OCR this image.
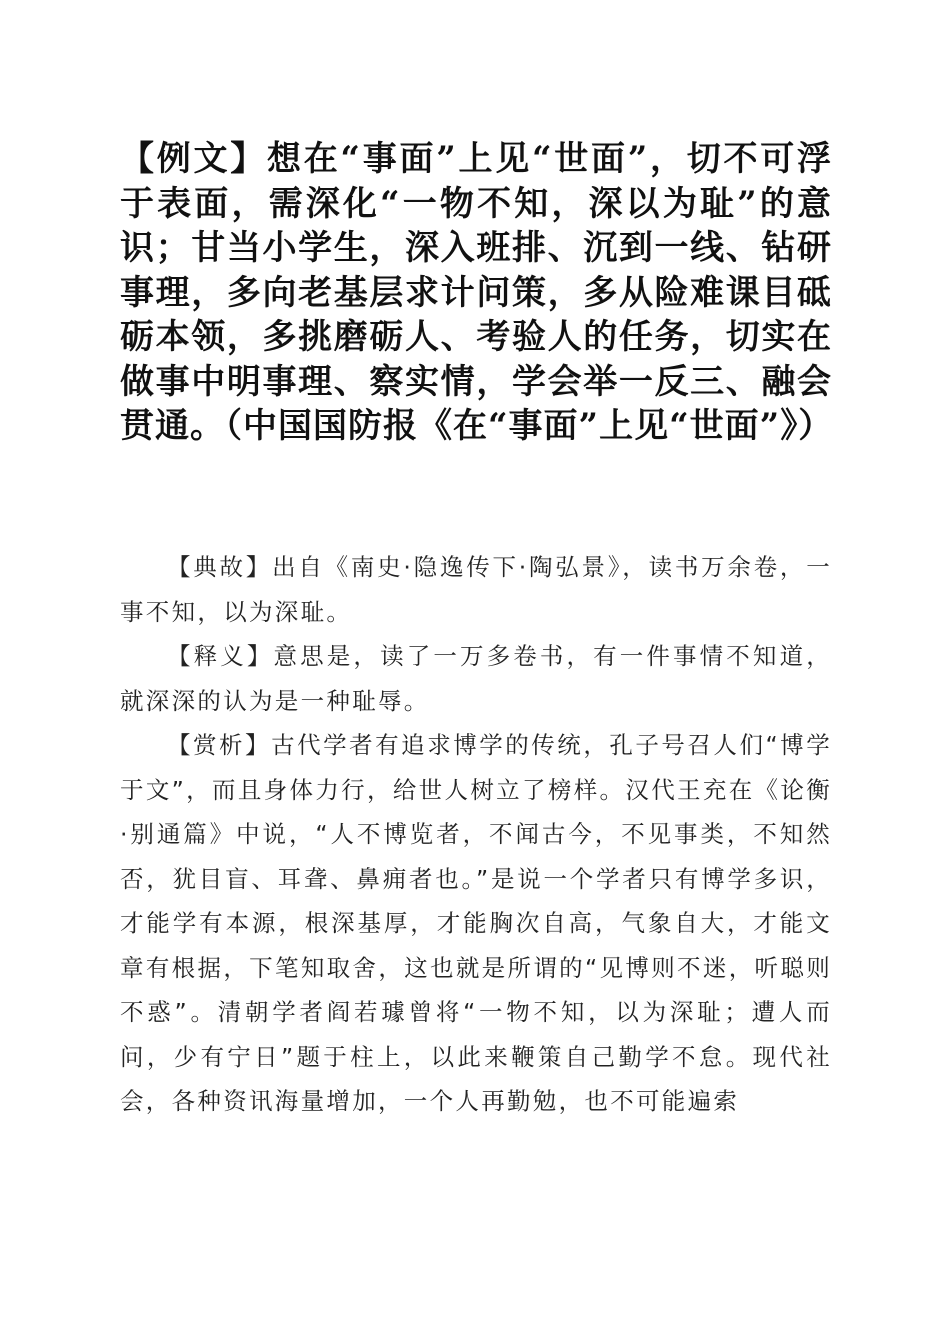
【例文】想在“事面”上见“世面”，切不可浮于表面，需深化“一物不知，深以为耻”的意识；甘当小学生，深入班排、沉到一线、钻研事理，多向老基层求计问策，多从险难课目砥砺本领，多挑磨砺人、考验人的任务，切实在做事中明事理、察实情，学会举一反三、融会贯通。（中国国防报《在“事面”上见“世面”》）

【典故】出自《南史·隐逸传下·陶弘景》，读书万余卷，一事不知，以为深耻。

【释义】意思是，读了一万多卷书，有一件事情不知道，就深深的认为是一种耻辱。

【赏析】古代学者有追求博学的传统，孔子号召人们“博学于文”，而且身体力行，给世人树立了榜样。汉代王充在《论衡·别通篇》中说，“人不博览者，不闻古今，不见事类，不知然否，犹目盲、耳聋、鼻痈者也。”是说一个学者只有博学多识，才能学有本源，根深基厚，才能胸次自高，气象自大，才能文章有根据，下笔知取舍，这也就是所谓的“见博则不迷，听聪则不惑”。清朝学者阎若璩曾将“一物不知，以为深耻；遭人而问，少有宁日”题于柱上，以此来鞭策自己勤学不怠。现代社会，各种资讯海量增加，一个人再勤勉，也不可能遍索
